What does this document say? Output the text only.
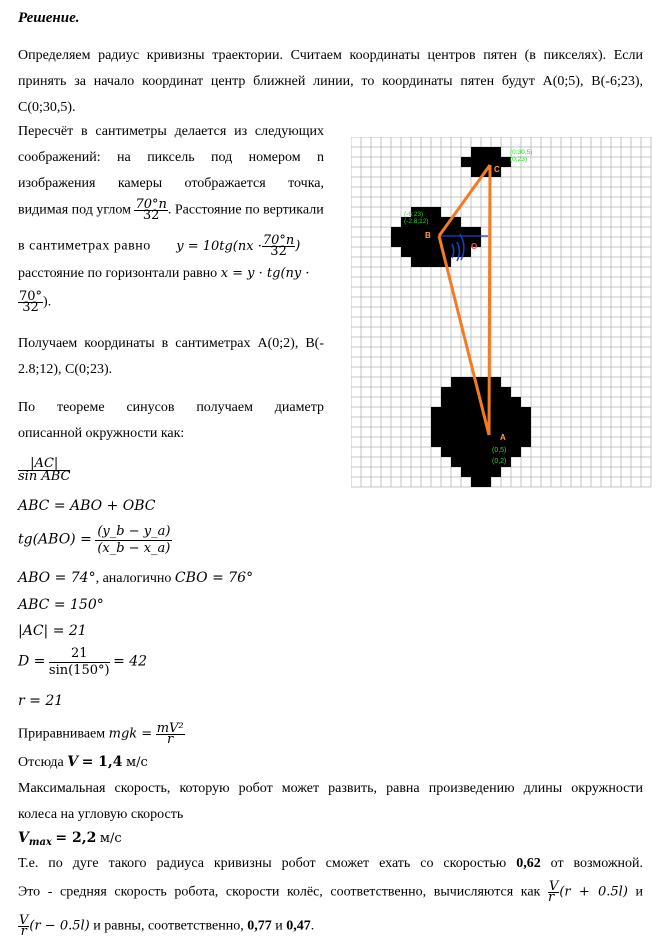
Решение.
Определяем радиус кривизны траектории. Считаем координаты центров пятен (в пикселях). Если
принять за начало координат центр ближней линии, то координаты пятен будут A(0;5), B(-6;23),
C(0;30,5).
Пересчёт в сантиметры делается из следующих
соображений: на пиксель под номером n
изображения камеры отображается точка,
видимая под углом $\frac{70^\circ n}{32}$ . Расстояние по вертикали
в сантиметрах равно $y = 10tg(nx \cdot \frac{70^\circ n}{32}$ )
расстояние по горизонтали равно x = y · tg(ny ·
$\frac{70^\circ}{32}$ ).
Получаем координаты в сантиметрах A(0;2), B(-
2.8;12), C(0;23).
По теореме синусов получаем диаметр
описанной окружности как:
$\frac{|AC|}{\text{sin ABC}}$
ABC = ABO + OBC
$tg(ABO) = \frac{(y\_b - y\_a)}{(x\_b - x\_a)}$
ABO = 74°, аналогично CBO = 76°
ABC = 150°
|AC| = 21
$D = \frac{21}{\sin(150^\circ)} = 42$
r = 21
Приравниваем mgk = $\frac{\text{mV²}}{r}$
Отсюда V = 1,4 м/с
Максимальная скорость, которую робот может развить, равна произведению длины окружности
колеса на угловую скорость
$V_{max} = 2,2$ м/с
Т.е. по дуге такого радиуса кривизны робот сможет ехать со скоростью 0,62 от возможной.
Это - средняя скорость робота, скорости колёс, соответственно, вычисляются как $\frac{V}{r} (r + 0.5l)$ и
$\frac{V}{r} (r - 0.5l)$ и равны, соответственно, 0,77 и 0,47.
C
B
O
A
(0;30,5)
(0;23)
(-6;23)
(-2.8;12)
(0,5)
(0,2)
